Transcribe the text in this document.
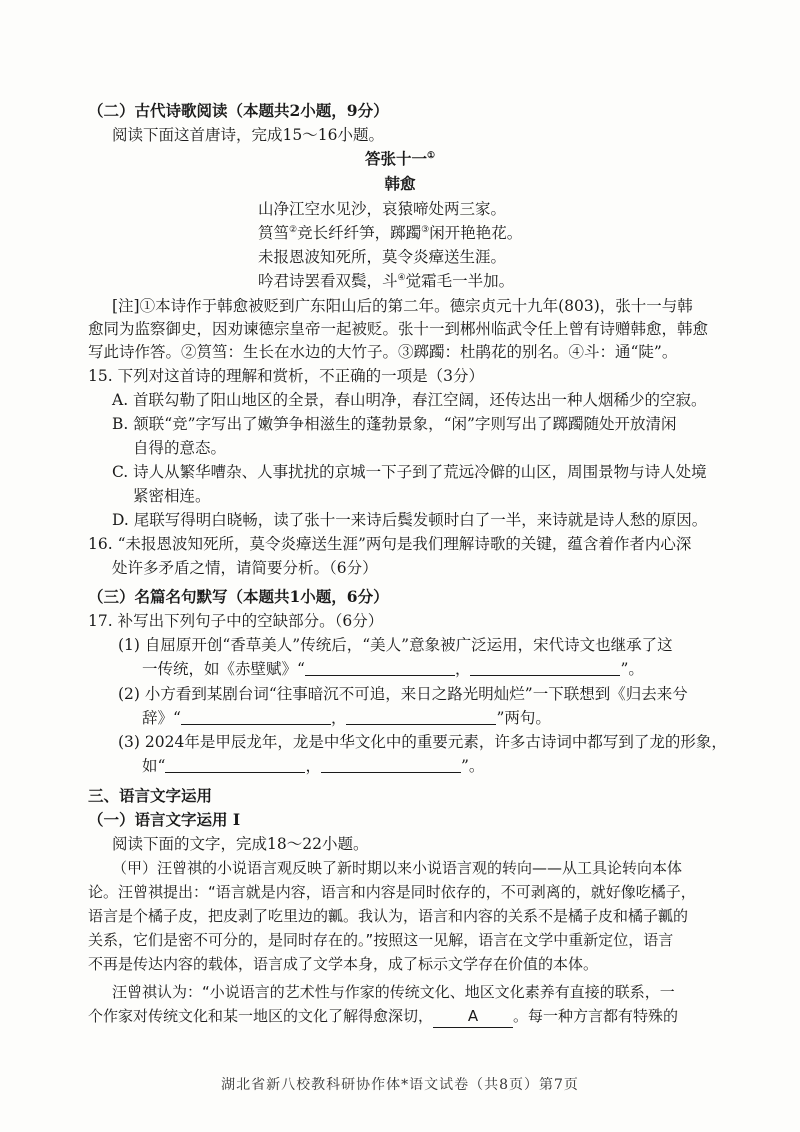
（二）古代诗歌阅读（本题共2小题，9分）
阅读下面这首唐诗，完成15～16小题。
答张十一①
韩愈
山净江空水见沙，哀猿啼处两三家。
筼筜②竞长纤纤笋，踯躅③闲开艳艳花。
未报恩波知死所，莫令炎瘴送生涯。
吟君诗罢看双鬓，斗④觉霜毛一半加。
[注]①本诗作于韩愈被贬到广东阳山后的第二年。德宗贞元十九年(803)，张十一与韩
愈同为监察御史，因劝谏德宗皇帝一起被贬。张十一到郴州临武令任上曾有诗赠韩愈，韩愈
写此诗作答。②筼筜：生长在水边的大竹子。③踯躅：杜鹃花的别名。④斗：通“陡”。
15. 下列对这首诗的理解和赏析，不正确的一项是（3分）
A. 首联勾勒了阳山地区的全景，春山明净，春江空阔，还传达出一种人烟稀少的空寂。
B. 颔联“竞”字写出了嫩笋争相滋生的蓬勃景象，“闲”字则写出了踯躅随处开放清闲
自得的意态。
C. 诗人从繁华嘈杂、人事扰扰的京城一下子到了荒远冷僻的山区，周围景物与诗人处境
紧密相连。
D. 尾联写得明白晓畅，读了张十一来诗后鬓发顿时白了一半，来诗就是诗人愁的原因。
16. “未报恩波知死所，莫令炎瘴送生涯”两句是我们理解诗歌的关键，蕴含着作者内心深
处许多矛盾之情，请简要分析。（6分）
（三）名篇名句默写（本题共1小题，6分）
17. 补写出下列句子中的空缺部分。（6分）
(1) 自屈原开创“香草美人”传统后，“美人”意象被广泛运用，宋代诗文也继承了这
一传统，如《赤壁赋》“	，	”。
(2) 小方看到某剧台词“往事暗沉不可追，来日之路光明灿烂”一下联想到《归去来兮
辞》“	，	”两句。
(3) 2024年是甲辰龙年，龙是中华文化中的重要元素，许多古诗词中都写到了龙的形象，
如“	，	”。
三、语言文字运用
（一）语言文字运用 I
阅读下面的文字，完成18～22小题。
（甲）汪曾祺的小说语言观反映了新时期以来小说语言观的转向——从工具论转向本体
论。汪曾祺提出：“语言就是内容，语言和内容是同时依存的，不可剥离的，就好像吃橘子，
语言是个橘子皮，把皮剥了吃里边的瓤。我认为，语言和内容的关系不是橘子皮和橘子瓤的
关系，它们是密不可分的，是同时存在的。”按照这一见解，语言在文学中重新定位，语言
不再是传达内容的载体，语言成了文学本身，成了标示文学存在价值的本体。
汪曾祺认为：“小说语言的艺术性与作家的传统文化、地区文化素养有直接的联系，一
个作家对传统文化和某一地区的文化了解得愈深切， A 。每一种方言都有特殊的
湖北省新八校教科研协作体*语文试卷（共8页）第7页
